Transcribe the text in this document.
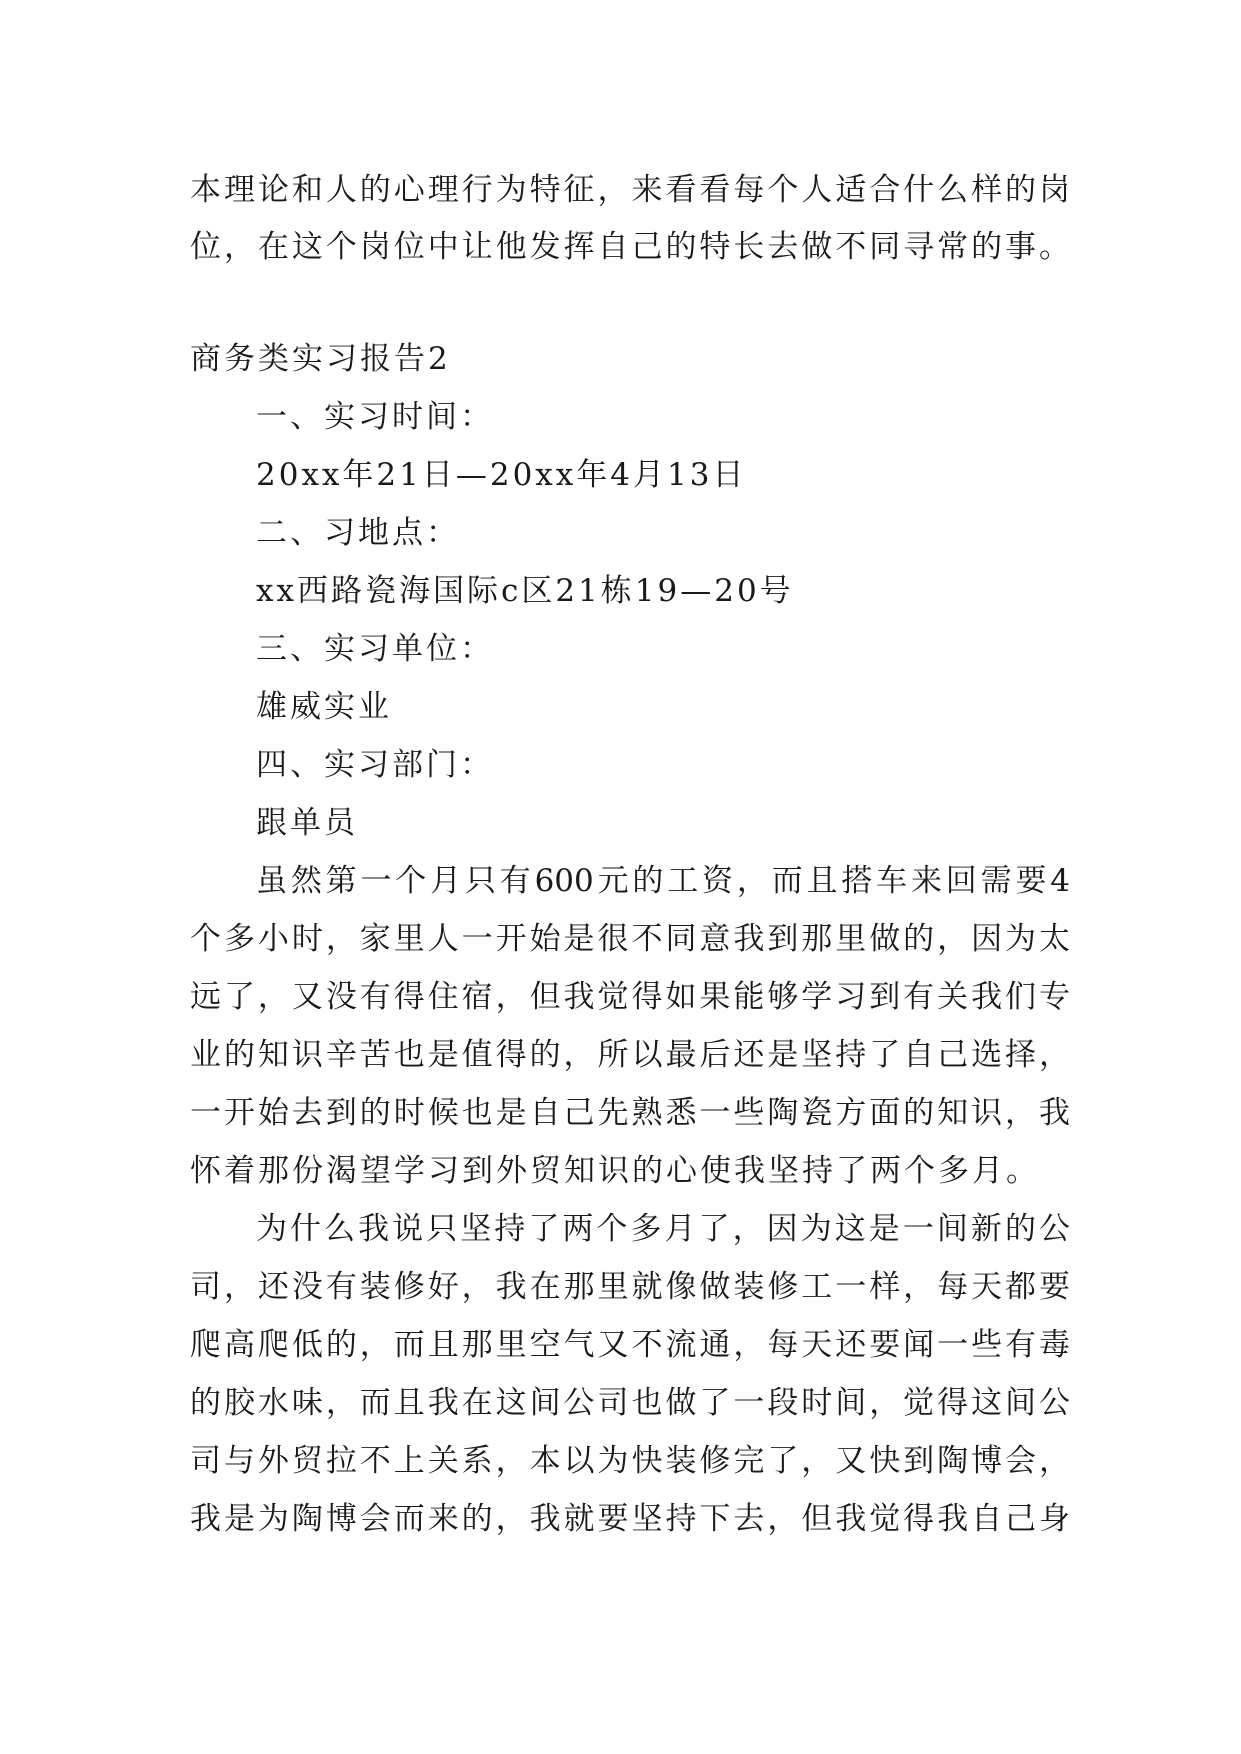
本理论和人的心理行为特征，来看看每个人适合什么样的岗
位，在这个岗位中让他发挥自己的特长去做不同寻常的事。
商务类实习报告2
一、实习时间：
20xx年21日—20xx年4月13日
二、习地点：
xx西路瓷海国际c区21栋19—20号
三、实习单位：
雄威实业
四、实习部门：
跟单员
虽然第一个月只有600元的工资，而且搭车来回需要4
个多小时，家里人一开始是很不同意我到那里做的，因为太
远了，又没有得住宿，但我觉得如果能够学习到有关我们专
业的知识辛苦也是值得的，所以最后还是坚持了自己选择，
一开始去到的时候也是自己先熟悉一些陶瓷方面的知识，我
怀着那份渴望学习到外贸知识的心使我坚持了两个多月。
为什么我说只坚持了两个多月了，因为这是一间新的公
司，还没有装修好，我在那里就像做装修工一样，每天都要
爬高爬低的，而且那里空气又不流通，每天还要闻一些有毒
的胶水味，而且我在这间公司也做了一段时间，觉得这间公
司与外贸拉不上关系，本以为快装修完了，又快到陶博会，
我是为陶博会而来的，我就要坚持下去，但我觉得我自己身
